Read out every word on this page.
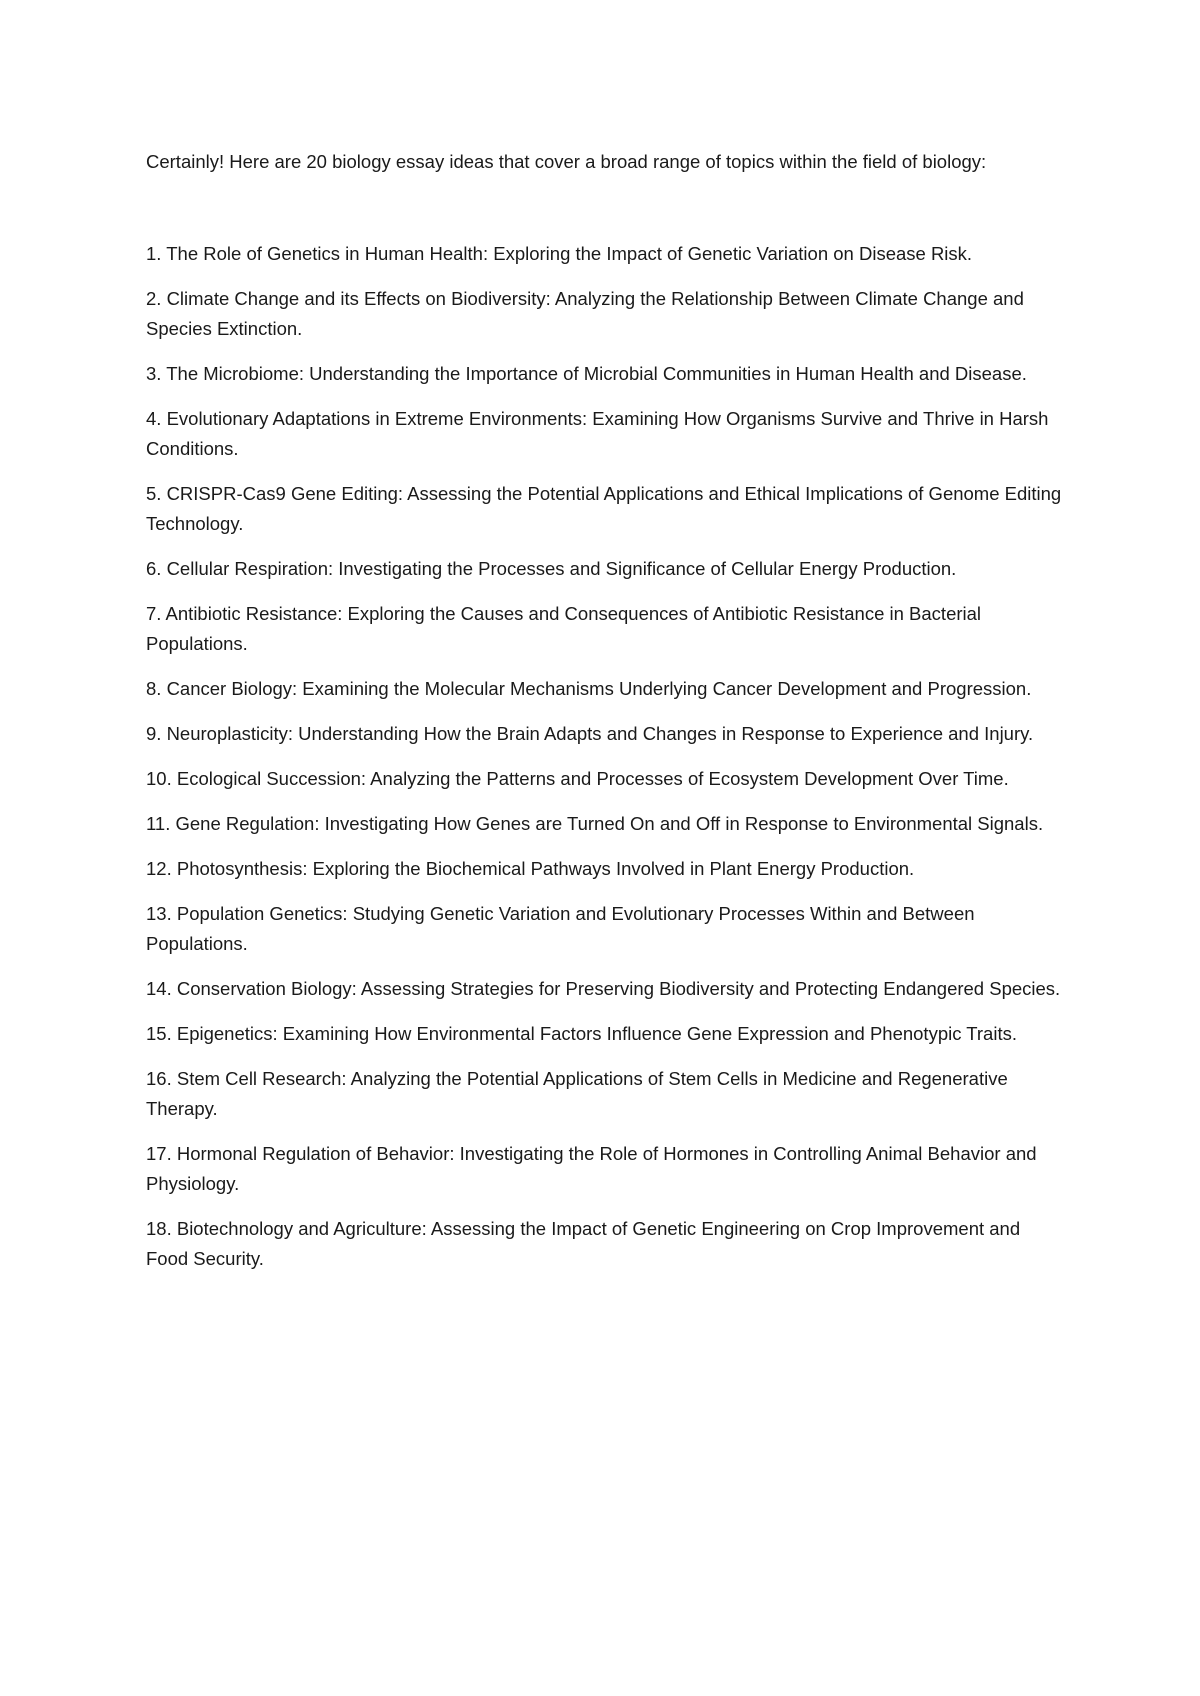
Certainly! Here are 20 biology essay ideas that cover a broad range of topics within the field of biology:

1. The Role of Genetics in Human Health: Exploring the Impact of Genetic Variation on Disease Risk.

2. Climate Change and its Effects on Biodiversity: Analyzing the Relationship Between Climate Change and Species Extinction.

3. The Microbiome: Understanding the Importance of Microbial Communities in Human Health and Disease.

4. Evolutionary Adaptations in Extreme Environments: Examining How Organisms Survive and Thrive in Harsh Conditions.

5. CRISPR-Cas9 Gene Editing: Assessing the Potential Applications and Ethical Implications of Genome Editing Technology.

6. Cellular Respiration: Investigating the Processes and Significance of Cellular Energy Production.

7. Antibiotic Resistance: Exploring the Causes and Consequences of Antibiotic Resistance in Bacterial Populations.

8. Cancer Biology: Examining the Molecular Mechanisms Underlying Cancer Development and Progression.

9. Neuroplasticity: Understanding How the Brain Adapts and Changes in Response to Experience and Injury.

10. Ecological Succession: Analyzing the Patterns and Processes of Ecosystem Development Over Time.

11. Gene Regulation: Investigating How Genes are Turned On and Off in Response to Environmental Signals.

12. Photosynthesis: Exploring the Biochemical Pathways Involved in Plant Energy Production.

13. Population Genetics: Studying Genetic Variation and Evolutionary Processes Within and Between Populations.

14. Conservation Biology: Assessing Strategies for Preserving Biodiversity and Protecting Endangered Species.

15. Epigenetics: Examining How Environmental Factors Influence Gene Expression and Phenotypic Traits.

16. Stem Cell Research: Analyzing the Potential Applications of Stem Cells in Medicine and Regenerative Therapy.

17. Hormonal Regulation of Behavior: Investigating the Role of Hormones in Controlling Animal Behavior and Physiology.

18. Biotechnology and Agriculture: Assessing the Impact of Genetic Engineering on Crop Improvement and Food Security.
